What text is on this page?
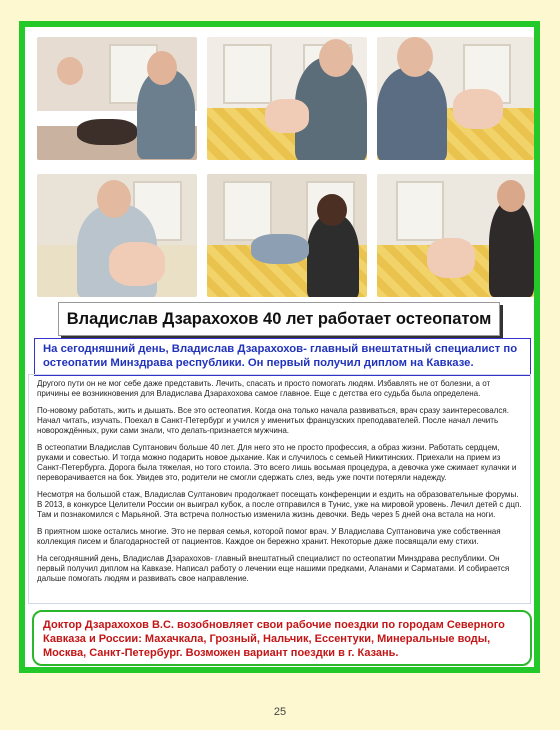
Владислав Дзарахохов 40 лет работает остеопатом
На сегодняшний день, Владислав Дзарахохов- главный внештатный специалист по остеопатии Минздрава республики. Он первый получил диплом на Кавказе.

Другого пути он не мог себе даже представить. Лечить, спасать и просто помогать людям. Избавлять не от болезни, а от причины ее возникновения для Владислава Дзарахохова самое главное. Еще с детства его судьба была определена.

По-новому работать, жить и дышать. Все это остеопатия. Когда она только начала развиваться, врач сразу заинтересовался. Начал читать, изучать. Поехал в Санкт-Петербург и учился у именитых французских преподавателей. После начал лечить новорождённых, руки сами знали, что делать-признается мужчина.

В остеопатии Владислав Суптанович больше 40 лет. Для него это не просто профессия, а образ жизни. Работать сердцем, руками и совестью. И тогда можно подарить новое дыхание. Как и случилось с семьей Никитинских. Приехали на прием из Санкт-Петербурга. Дорога была тяжелая, но того стоила. Это всего лишь восьмая процедура, а девочка уже сжимает кулачки и переворачивается на бок. Увидев это, родители не смогли сдержать слез, ведь уже почти потеряли надежду.

Несмотря на большой стаж, Владислав Султанович продолжает посещать конференции и ездить на образовательные форумы. В 2013, в конкурсе Целители России он выиграл кубок, а после отправился в Тунис, уже на мировой уровень. Лечил детей с дцп. Там и познакомился с Марьяной. Эта встреча полностью изменила жизнь девочки. Ведь через 5 дней она встала на ноги.

В приятном шоке остались многие. Это не первая семья, которой помог врач. У Владислава Суптановича уже собственная коллекция писем и благодарностей от пациентов. Каждое он бережно хранит. Некоторые даже посвящали ему стихи.

На сегодняшний день, Владислав Дзарахохов- главный внештатный специалист по остеопатии Минздрава республики. Он первый получил диплом на Кавказе. Написал работу о лечении еще нашими предками, Аланами и Сарматами. И собирается дальше помогать людям и развивать свое направление.

Доктор Дзарахохов В.С. возобновляет свои рабочие поездки по городам Северного Кавказа и России: Махачкала, Грозный, Нальчик, Ессентуки, Минеральные воды, Москва, Санкт-Петербург. Возможен вариант поездки в г. Казань.
25
